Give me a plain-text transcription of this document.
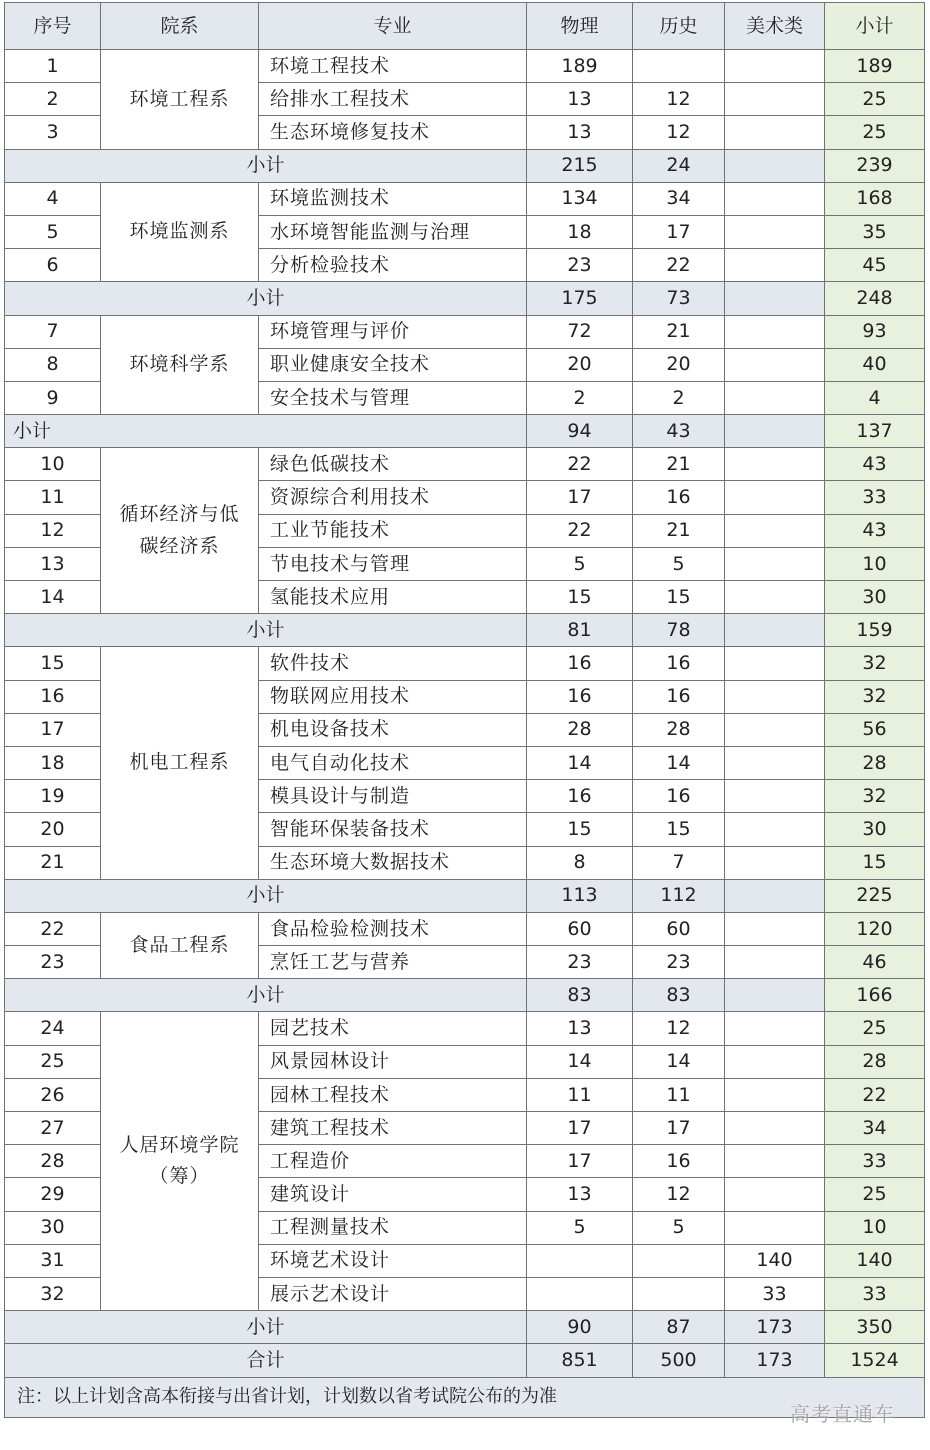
序号	院系	专业	物理	历史	美术类	小计
1	环境工程系	环境工程技术	189			189
2		给排水工程技术	13	12		25
3		生态环境修复技术	13	12		25
小计			215	24		239
4	环境监测系	环境监测技术	134	34		168
5		水环境智能监测与治理	18	17		35
6		分析检验技术	23	22		45
小计			175	73		248
7	环境科学系	环境管理与评价	72	21		93
8		职业健康安全技术	20	20		40
9		安全技术与管理	2	2		4
小计			94	43		137
10	循环经济与低碳经济系	绿色低碳技术	22	21		43
11		资源综合利用技术	17	16		33
12		工业节能技术	22	21		43
13		节电技术与管理	5	5		10
14		氢能技术应用	15	15		30
小计			81	78		159
15	机电工程系	软件技术	16	16		32
16		物联网应用技术	16	16		32
17		机电设备技术	28	28		56
18		电气自动化技术	14	14		28
19		模具设计与制造	16	16		32
20		智能环保装备技术	15	15		30
21		生态环境大数据技术	8	7		15
小计			113	112		225
22	食品工程系	食品检验检测技术	60	60		120
23		烹饪工艺与营养	23	23		46
小计			83	83		166
24	人居环境学院（筹）	园艺技术	13	12		25
25		风景园林设计	14	14		28
26		园林工程技术	11	11		22
27		建筑工程技术	17	17		34
28		工程造价	17	16		33
29		建筑设计	13	12		25
30		工程测量技术	5	5		10
31		环境艺术设计			140	140
32		展示艺术设计			33	33
小计			90	87	173	350
合计			851	500	173	1524
注：以上计划含高本衔接与出省计划，计划数以省考试院公布的为准						
高考直通车
